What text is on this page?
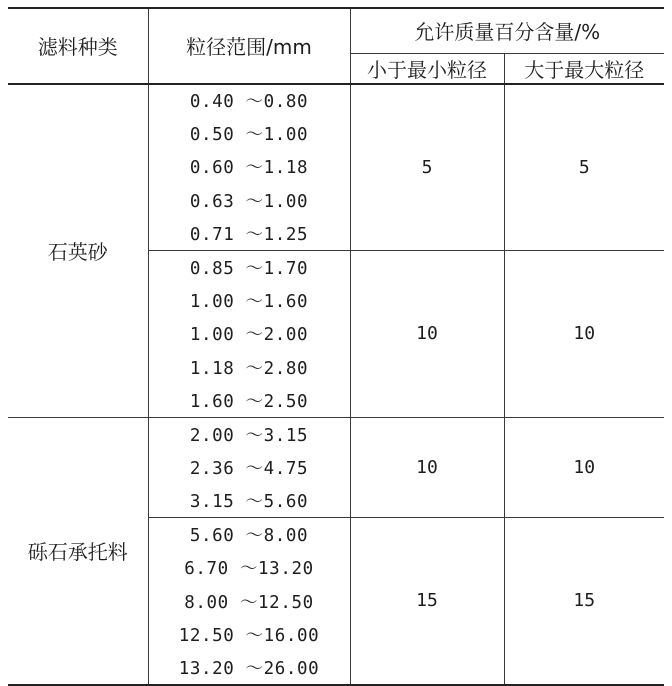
滤料种类	粒径范围/mm	允许质量百分含量/%	
		小于最小粒径	大于最大粒径
石英砂	0.40 ～0.80	5	5
	0.50 ～1.00		
	0.60 ～1.18		
	0.63 ～1.00		
	0.71 ～1.25		
	0.85 ～1.70	10	10
	1.00 ～1.60		
	1.00 ～2.00		
	1.18 ～2.80		
	1.60 ～2.50		
砾石承托料	2.00 ～3.15	10	10
	2.36 ～4.75		
	3.15 ～5.60		
	5.60 ～8.00	15	15
	6.70 ～13.20		
	8.00 ～12.50		
	12.50 ～16.00		
	13.20 ～26.00		
